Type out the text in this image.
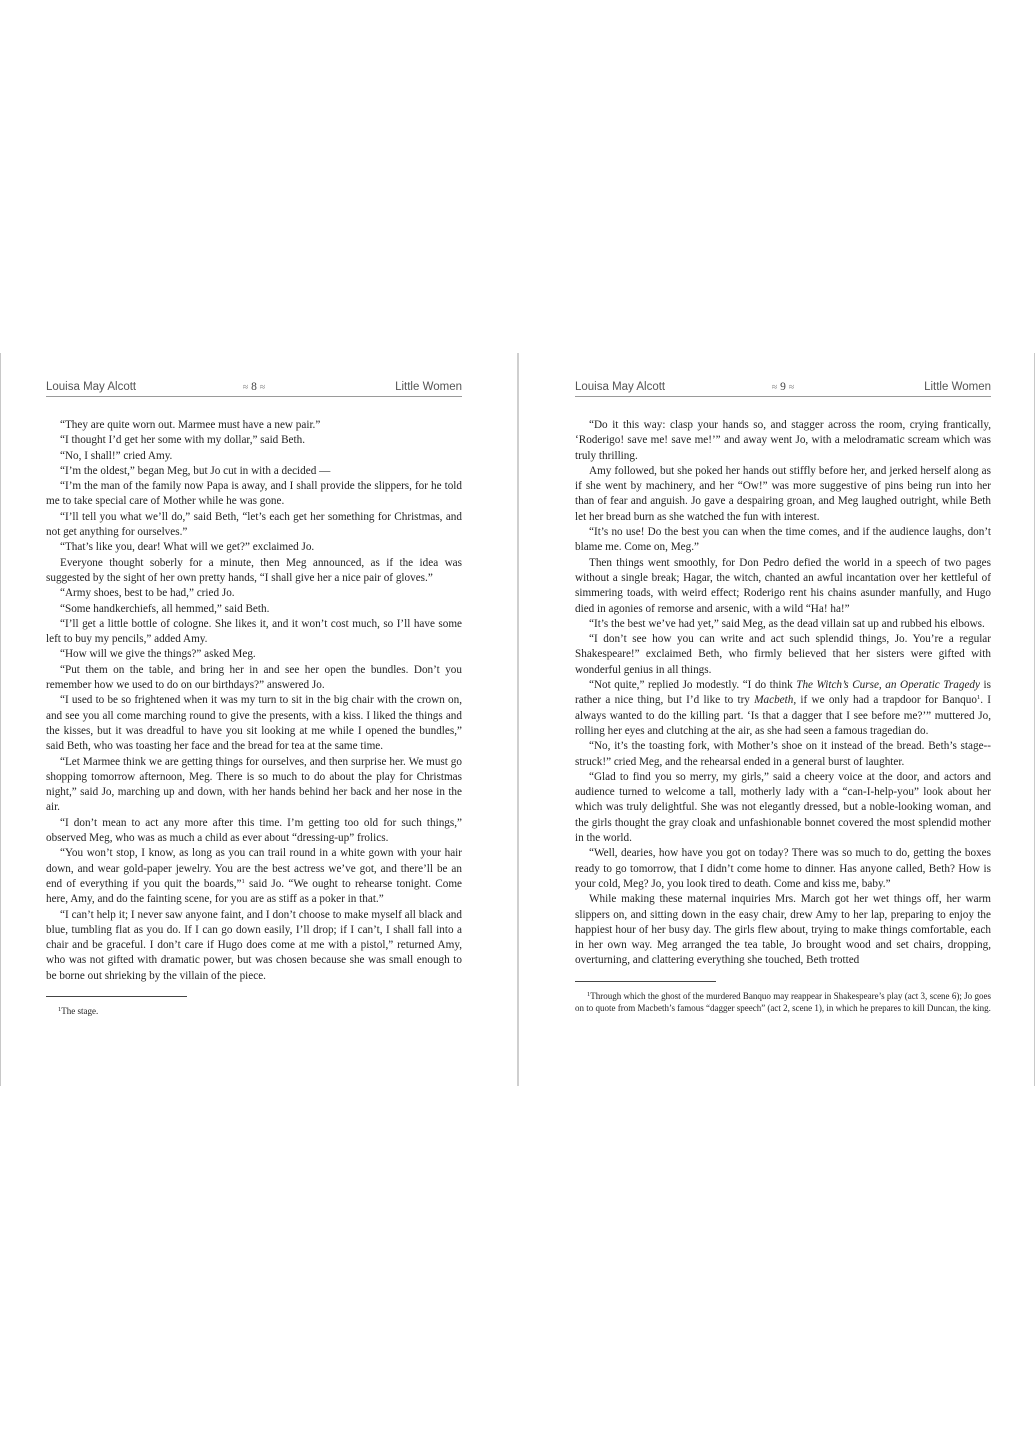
Louisa May Alcott	≈ 8 ≈	Little Women

“They are quite worn out. Marmee must have a new pair.”

“I thought I’d get her some with my dollar,” said Beth.

“No, I shall!” cried Amy.

“I’m the oldest,” began Meg, but Jo cut in with a decided —

“I’m the man of the family now Papa is away, and I shall provide the slippers, for he told me to take special care of Mother while he was gone.

“I’ll tell you what we’ll do,” said Beth, “let’s each get her something for Christmas, and not get anything for ourselves.”

“That’s like you, dear! What will we get?” exclaimed Jo.

Everyone thought soberly for a minute, then Meg announced, as if the idea was suggested by the sight of her own pretty hands, “I shall give her a nice pair of gloves.”

“Army shoes, best to be had,” cried Jo.

“Some handkerchiefs, all hemmed,” said Beth.

“I’ll get a little bottle of cologne. She likes it, and it won’t cost much, so I’ll have some left to buy my pencils,” added Amy.

“How will we give the things?” asked Meg.

“Put them on the table, and bring her in and see her open the bundles. Don’t you remember how we used to do on our birthdays?” answered Jo.

“I used to be so frightened when it was my turn to sit in the big chair with the crown on, and see you all come marching round to give the presents, with a kiss. I liked the things and the kisses, but it was dreadful to have you sit looking at me while I opened the bundles,” said Beth, who was toasting her face and the bread for tea at the same time.

“Let Marmee think we are getting things for ourselves, and then surprise her. We must go shopping tomorrow afternoon, Meg. There is so much to do about the play for Christmas night,” said Jo, marching up and down, with her hands behind her back and her nose in the air.

“I don’t mean to act any more after this time. I’m getting too old for such things,” observed Meg, who was as much a child as ever about “dressing-up” frolics.

“You won’t stop, I know, as long as you can trail round in a white gown with your hair down, and wear gold-paper jewelry. You are the best actress we’ve got, and there’ll be an end of everything if you quit the boards,”$^1$ said Jo. “We ought to rehearse tonight. Come here, Amy, and do the fainting scene, for you are as stiff as a poker in that.”

“I can’t help it; I never saw anyone faint, and I don’t choose to make myself all black and blue, tumbling flat as you do. If I can go down easily, I’ll drop; if I can’t, I shall fall into a chair and be graceful. I don’t care if Hugo does come at me with a pistol,” returned Amy, who was not gifted with dramatic power, but was chosen because she was small enough to be borne out shrieking by the villain of the piece.

$^1$The stage.
Louisa May Alcott	≈ 9 ≈	Little Women

“Do it this way: clasp your hands so, and stagger across the room, crying frantically, ‘Roderigo! save me! save me!’” and away went Jo, with a melodramatic scream which was truly thrilling.

Amy followed, but she poked her hands out stiffly before her, and jerked herself along as if she went by machinery, and her “Ow!” was more suggestive of pins being run into her than of fear and anguish. Jo gave a despairing groan, and Meg laughed outright, while Beth let her bread burn as she watched the fun with interest.

“It’s no use! Do the best you can when the time comes, and if the audience laughs, don’t blame me. Come on, Meg.”

Then things went smoothly, for Don Pedro defied the world in a speech of two pages without a single break; Hagar, the witch, chanted an awful incantation over her kettleful of simmering toads, with weird effect; Roderigo rent his chains asunder manfully, and Hugo died in agonies of remorse and arsenic, with a wild “Ha! ha!”

“It’s the best we’ve had yet,” said Meg, as the dead villain sat up and rubbed his elbows.

“I don’t see how you can write and act such splendid things, Jo. You’re a regular Shakespeare!” exclaimed Beth, who firmly believed that her sisters were gifted with wonderful genius in all things.

“Not quite,” replied Jo modestly. “I do think The Witch’s Curse, an Operatic Tragedy is rather a nice thing, but I’d like to try Macbeth, if we only had a trapdoor for Banquo$^1$. I always wanted to do the killing part. ‘Is that a dagger that I see before me?’” muttered Jo, rolling her eyes and clutching at the air, as she had seen a famous tragedian do.

“No, it’s the toasting fork, with Mother’s shoe on it instead of the bread. Beth’s stage--struck!” cried Meg, and the rehearsal ended in a general burst of laughter.

“Glad to find you so merry, my girls,” said a cheery voice at the door, and actors and audience turned to welcome a tall, motherly lady with a “can-I-help-you” look about her which was truly delightful. She was not elegantly dressed, but a noble-looking woman, and the girls thought the gray cloak and unfashionable bonnet covered the most splendid mother in the world.

“Well, dearies, how have you got on today? There was so much to do, getting the boxes ready to go tomorrow, that I didn’t come home to dinner. Has anyone called, Beth? How is your cold, Meg? Jo, you look tired to death. Come and kiss me, baby.”

While making these maternal inquiries Mrs. March got her wet things off, her warm slippers on, and sitting down in the easy chair, drew Amy to her lap, preparing to enjoy the happiest hour of her busy day. The girls flew about, trying to make things comfortable, each in her own way. Meg arranged the tea table, Jo brought wood and set chairs, dropping, overturning, and clattering everything she touched, Beth trotted

$^1$Through which the ghost of the murdered Banquo may reappear in Shakespeare’s play (act 3, scene 6); Jo goes on to quote from Macbeth’s famous “dagger speech” (act 2, scene 1), in which he prepares to kill Duncan, the king.
